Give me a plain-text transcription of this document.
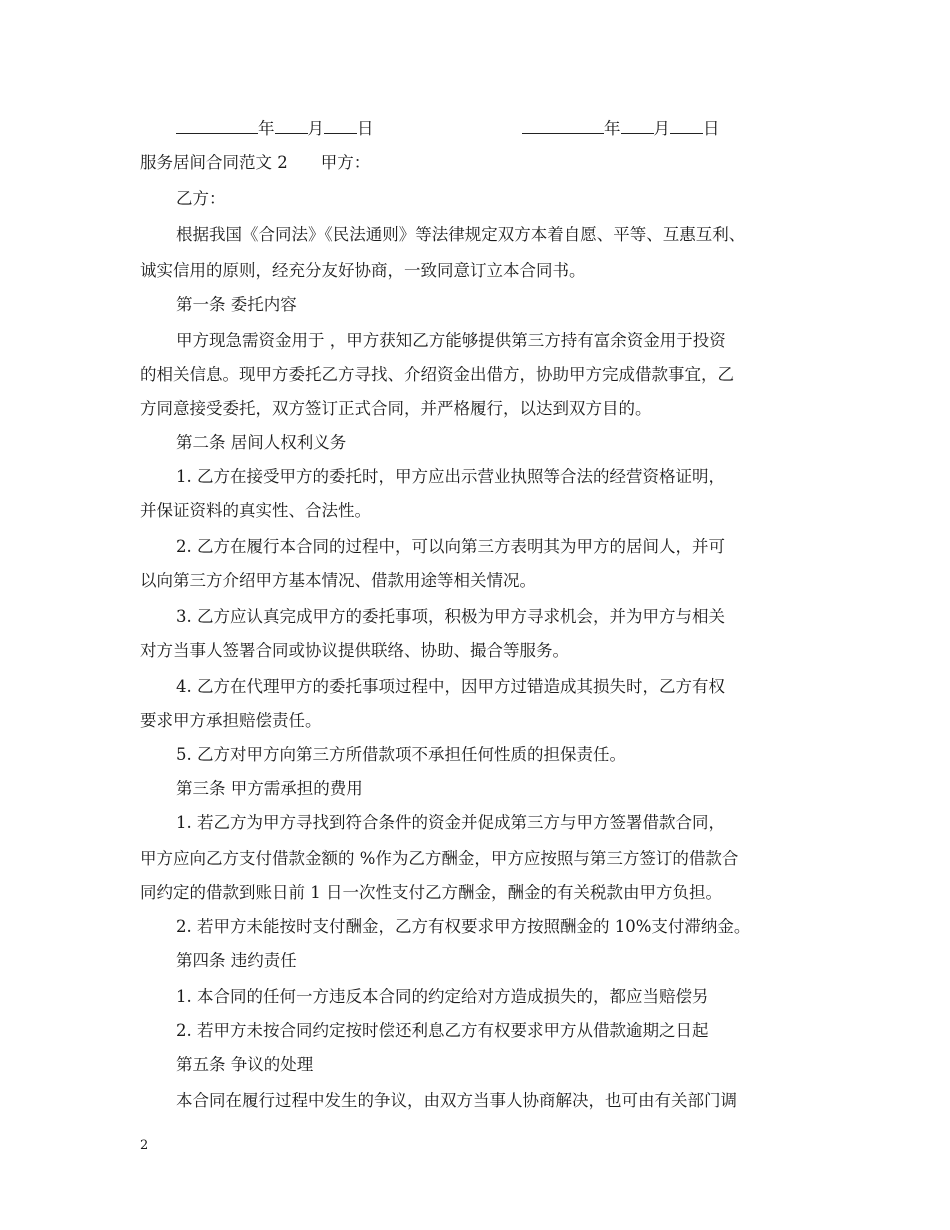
年 月 日	年 月 日
服务居间合同范文 2　　甲方：
乙方：
根据我国《合同法》《民法通则》等法律规定双方本着自愿、平等、互惠互利、
诚实信用的原则，经充分友好协商，一致同意订立本合同书。
第一条 委托内容
甲方现急需资金用于 ，甲方获知乙方能够提供第三方持有富余资金用于投资
的相关信息。现甲方委托乙方寻找、介绍资金出借方，协助甲方完成借款事宜，乙
方同意接受委托，双方签订正式合同，并严格履行，以达到双方目的。
第二条 居间人权利义务
1. 乙方在接受甲方的委托时，甲方应出示营业执照等合法的经营资格证明，
并保证资料的真实性、合法性。
2. 乙方在履行本合同的过程中，可以向第三方表明其为甲方的居间人，并可
以向第三方介绍甲方基本情况、借款用途等相关情况。
3. 乙方应认真完成甲方的委托事项，积极为甲方寻求机会，并为甲方与相关
对方当事人签署合同或协议提供联络、协助、撮合等服务。
4. 乙方在代理甲方的委托事项过程中，因甲方过错造成其损失时，乙方有权
要求甲方承担赔偿责任。
5. 乙方对甲方向第三方所借款项不承担任何性质的担保责任。
第三条 甲方需承担的费用
1. 若乙方为甲方寻找到符合条件的资金并促成第三方与甲方签署借款合同，
甲方应向乙方支付借款金额的 %作为乙方酬金，甲方应按照与第三方签订的借款合
同约定的借款到账日前 1 日一次性支付乙方酬金，酬金的有关税款由甲方负担。
2. 若甲方未能按时支付酬金，乙方有权要求甲方按照酬金的 10%支付滞纳金。
第四条 违约责任
1. 本合同的任何一方违反本合同的约定给对方造成损失的，都应当赔偿另
2. 若甲方未按合同约定按时偿还利息乙方有权要求甲方从借款逾期之日起
第五条 争议的处理
本合同在履行过程中发生的争议，由双方当事人协商解决，也可由有关部门调
2
